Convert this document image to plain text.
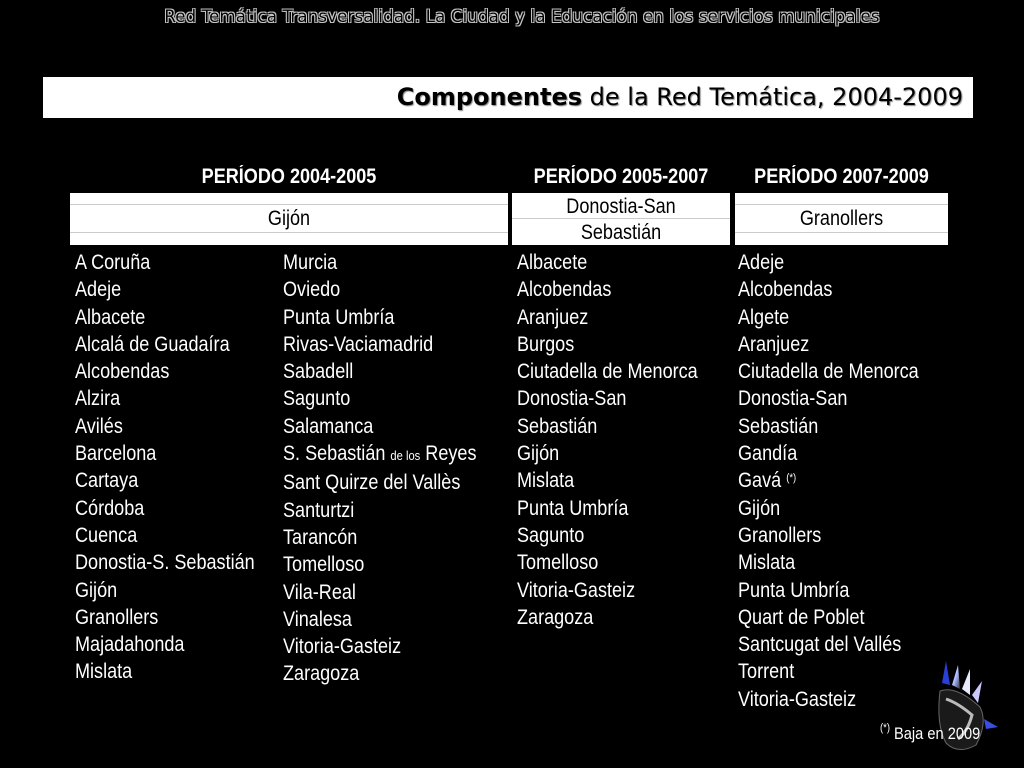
Red Temática Transversalidad. La Ciudad y la Educación en los servicios municipales
Componentes de la Red Temática, 2004-2009
PERÍODO 2004-2005	PERÍODO 2005-2007	PERÍODO 2007-2009
Gijón
Donostia-San
Sebastián
Granollers
A Coruña
Adeje
Albacete
Alcalá de Guadaíra
Alcobendas
Alzira
Avilés
Barcelona
Cartaya
Córdoba
Cuenca
Donostia-S. Sebastián
Gijón
Granollers
Majadahonda
Mislata
Murcia
Oviedo
Punta Umbría
Rivas-Vaciamadrid
Sabadell
Sagunto
Salamanca
S. Sebastián de los Reyes
Sant Quirze del Vallès
Santurtzi
Tarancón
Tomelloso
Vila-Real
Vinalesa
Vitoria-Gasteiz
Zaragoza
Albacete
Alcobendas
Aranjuez
Burgos
Ciutadella de Menorca
Donostia-San
Sebastián
Gijón
Mislata
Punta Umbría
Sagunto
Tomelloso
Vitoria-Gasteiz
Zaragoza
Adeje
Alcobendas
Algete
Aranjuez
Ciutadella de Menorca
Donostia-San
Sebastián
Gandía
Gavá (*)
Gijón
Granollers
Mislata
Punta Umbría
Quart de Poblet
Santcugat del Vallés
Torrent
Vitoria-Gasteiz
(*) Baja en 2009
